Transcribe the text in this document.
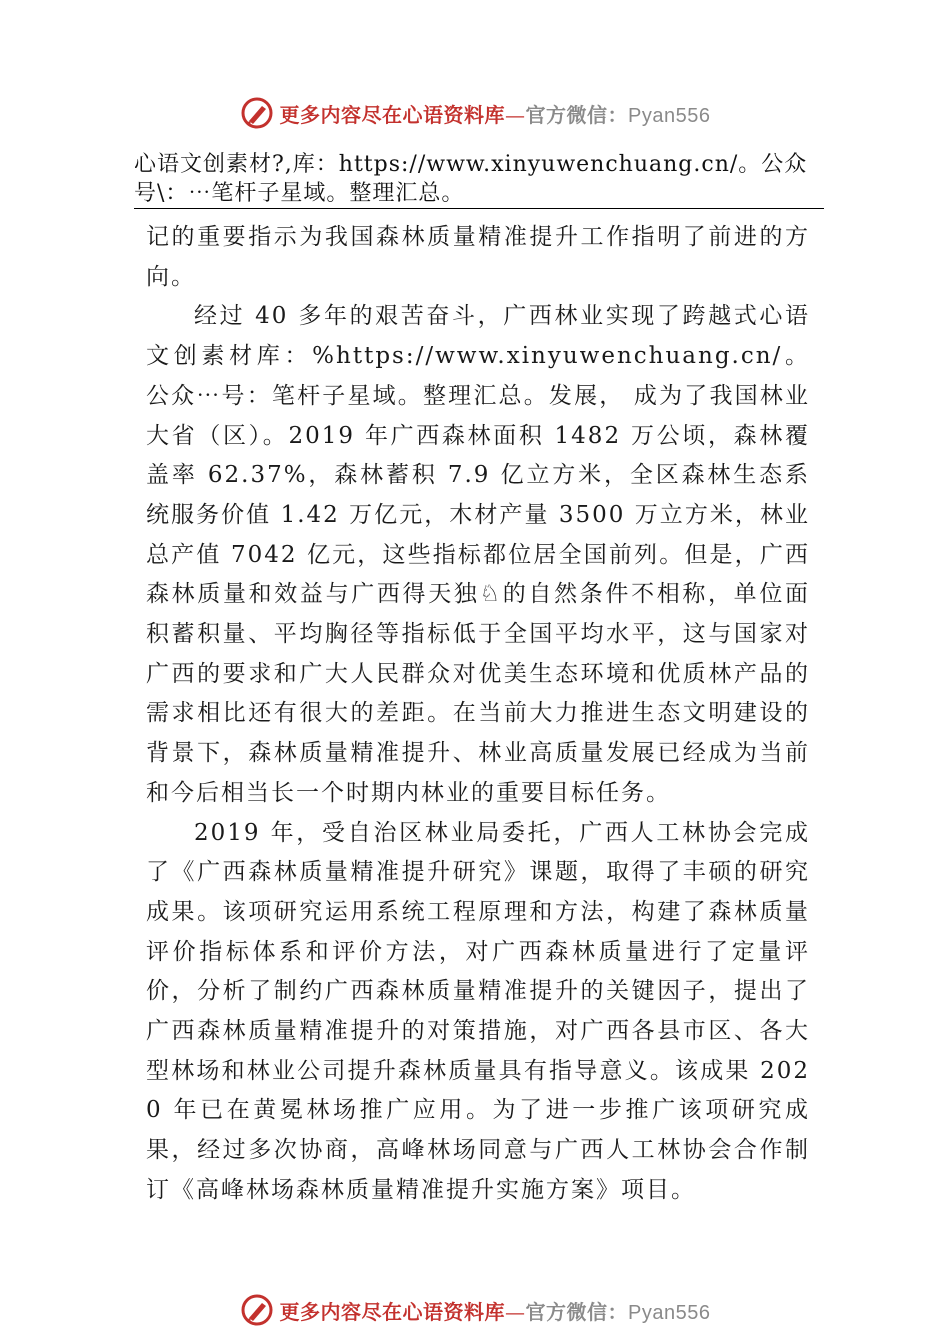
更多内容尽在心语资料库—官方微信：Pyan556
心语文创素材?,库：https://www.xinyuwenchuang.cn/。公众号\：⋯笔杆子星域。整理汇总。

记的重要指示为我国森林质量精准提升工作指明了前进的方向。

经过 40 多年的艰苦奋斗，广西林业实现了跨越式心语文创素材库：%https://www.xinyuwenchuang.cn/。公众⋯号：笔杆子星域。整理汇总。发展， 成为了我国林业大省（区）。2019 年广西森林面积 1482 万公顷，森林覆盖率 62.37%，森林蓄积 7.9 亿立方米，全区森林生态系统服务价值 1.42 万亿元，木材产量 3500 万立方米，林业总产值 7042 亿元，这些指标都位居全国前列。但是，广西森林质量和效益与广西得天独♘的自然条件不相称，单位面积蓄积量、平均胸径等指标低于全国平均水平，这与国家对广西的要求和广大人民群众对优美生态环境和优质林产品的需求相比还有很大的差距。在当前大力推进生态文明建设的背景下，森林质量精准提升、林业高质量发展已经成为当前和今后相当长一个时期内林业的重要目标任务。

2019 年，受自治区林业局委托，广西人工林协会完成了《广西森林质量精准提升研究》课题，取得了丰硕的研究成果。该项研究运用系统工程原理和方法，构建了森林质量评价指标体系和评价方法，对广西森林质量进行了定量评价，分析了制约广西森林质量精准提升的关键因子，提出了广西森林质量精准提升的对策措施，对广西各县市区、各大型林场和林业公司提升森林质量具有指导意义。该成果 2020 年已在黄冕林场推广应用。为了进一步推广该项研究成果，经过多次协商，高峰林场同意与广西人工林协会合作制订《高峰林场森林质量精准提升实施方案》项目。

更多内容尽在心语资料库—官方微信：Pyan556
